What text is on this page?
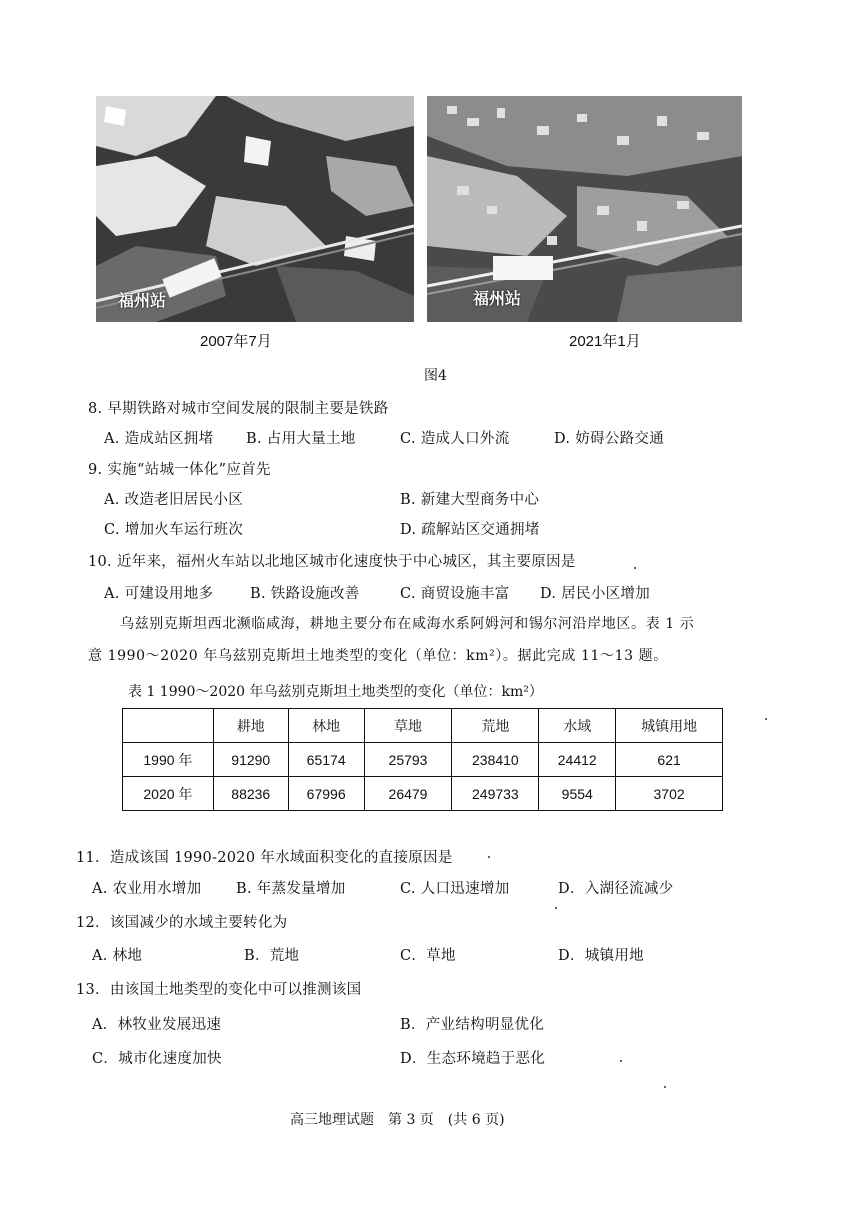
福州站
2007年7月
福州站
2021年1月
图4
8. 早期铁路对城市空间发展的限制主要是铁路
A. 造成站区拥堵 B. 占用大量土地	C. 造成人口外流	D. 妨碍公路交通
9. 实施“站城一体化”应首先
A. 改造老旧居民小区	B. 新建大型商务中心
C. 增加火车运行班次	D. 疏解站区交通拥堵
10. 近年来，福州火车站以北地区城市化速度快于中心城区，其主要原因是
A. 可建设用地多	B. 铁路设施改善	C. 商贸设施丰富 D. 居民小区增加
乌兹别克斯坦西北濒临咸海，耕地主要分布在咸海水系阿姆河和锡尔河沿岸地区。表 1 示
意 1990～2020 年乌兹别克斯坦土地类型的变化（单位：km²）。据此完成 11～13 题。
表 1 1990～2020 年乌兹别克斯坦土地类型的变化（单位：km²）
	耕地	林地	草地	荒地	水域	城镇用地
1990 年	91290	65174	25793	238410	24412	621
2020 年	88236	67996	26479	249733	9554	3702
11．造成该国 1990-2020 年水域面积变化的直接原因是
A. 农业用水增加 B. 年蒸发量增加	C. 人口迅速增加	D．入湖径流减少
12．该国减少的水域主要转化为
A. 林地	B．荒地	C．草地	D．城镇用地
13．由该国土地类型的变化中可以推测该国
A．林牧业发展迅速	B．产业结构明显优化
C．城市化速度加快	D．生态环境趋于恶化
高三地理试题　第 3 页　(共 6 页)
